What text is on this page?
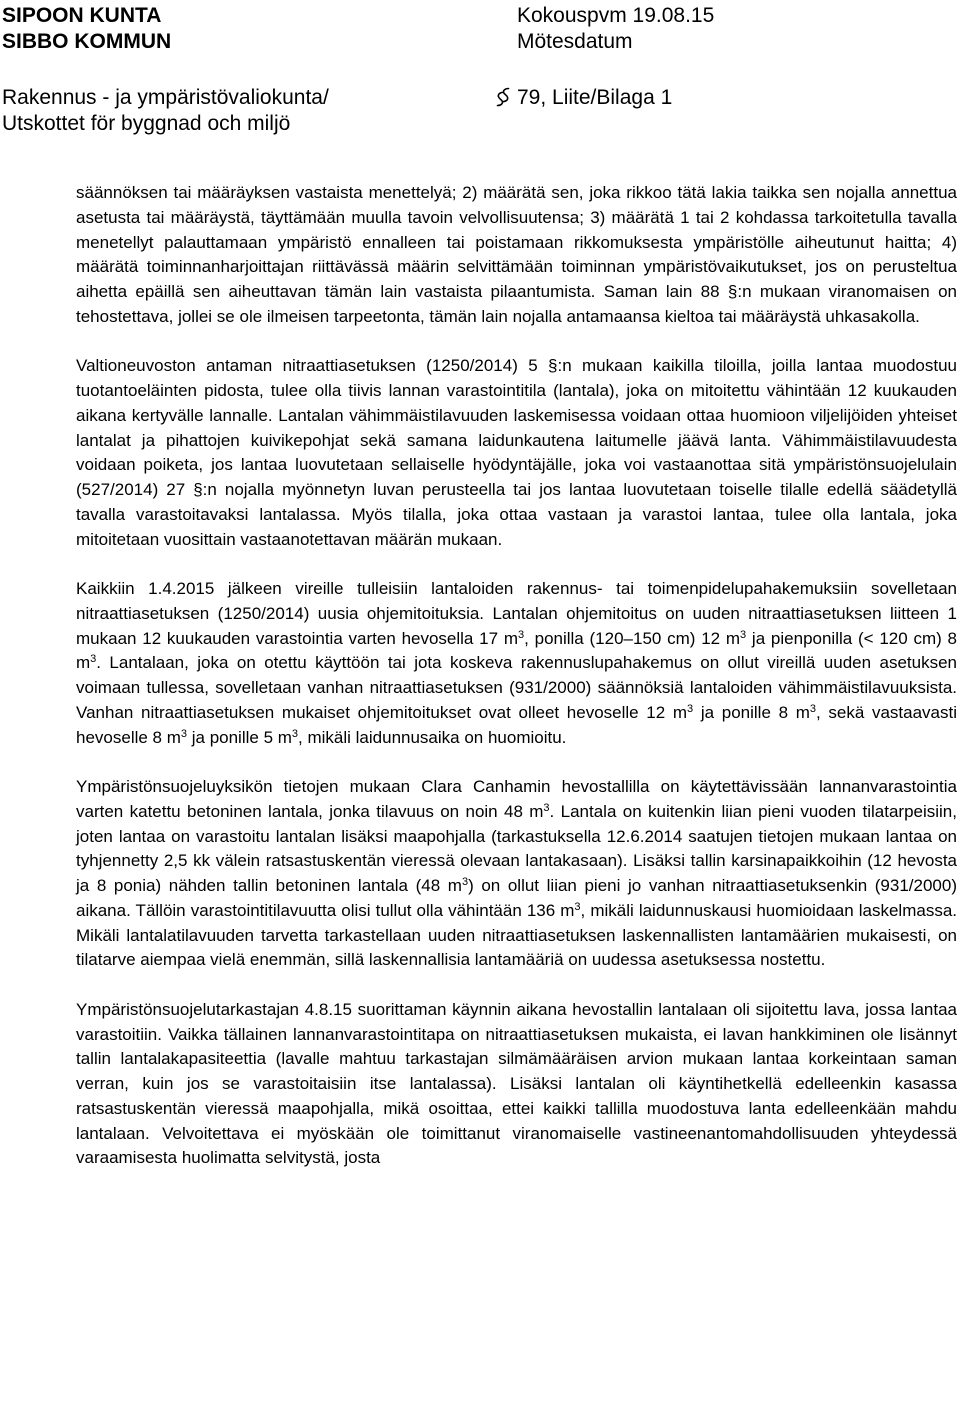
SIPOON KUNTA
SIBBO KOMMUN
Kokouspvm 19.08.15
Mötesdatum
Rakennus - ja ympäristövaliokunta/
Utskottet för byggnad och miljö
79, Liite/Bilaga 1

säännöksen tai määräyksen vastaista menettelyä; 2) määrätä sen, joka rikkoo tätä lakia taikka sen nojalla annettua asetusta tai määräystä, täyttämään muulla tavoin velvollisuutensa; 3) määrätä 1 tai 2 kohdassa tarkoitetulla tavalla menetellyt palauttamaan ympäristö ennalleen tai poistamaan rikkomuksesta ympäristölle aiheutunut haitta; 4) määrätä toiminnanharjoittajan riittävässä määrin selvittämään toiminnan ympäristövaikutukset, jos on perusteltua aihetta epäillä sen aiheuttavan tämän lain vastaista pilaantumista. Saman lain 88 §:n mukaan viranomaisen on tehostettava, jollei se ole ilmeisen tarpeetonta, tämän lain nojalla antamaansa kieltoa tai määräystä uhkasakolla.

Valtioneuvoston antaman nitraattiasetuksen (1250/2014) 5 §:n mukaan kaikilla tiloilla, joilla lantaa muodostuu tuotantoeläinten pidosta, tulee olla tiivis lannan varastointitila (lantala), joka on mitoitettu vähintään 12 kuukauden aikana kertyvälle lannalle. Lantalan vähimmäistilavuuden laskemisessa voidaan ottaa huomioon viljelijöiden yhteiset lantalat ja pihattojen kuivikepohjat sekä samana laidunkautena laitumelle jäävä lanta. Vähimmäistilavuudesta voidaan poiketa, jos lantaa luovutetaan sellaiselle hyödyntäjälle, joka voi vastaanottaa sitä ympäristönsuojelulain (527/2014) 27 §:n nojalla myönnetyn luvan perusteella tai jos lantaa luovutetaan toiselle tilalle edellä säädetyllä tavalla varastoitavaksi lantalassa. Myös tilalla, joka ottaa vastaan ja varastoi lantaa, tulee olla lantala, joka mitoitetaan vuosittain vastaanotettavan määrän mukaan.

Kaikkiin 1.4.2015 jälkeen vireille tulleisiin lantaloiden rakennus- tai toimenpidelupahakemuksiin sovelletaan nitraattiasetuksen (1250/2014) uusia ohjemitoituksia. Lantalan ohjemitoitus on uuden nitraattiasetuksen liitteen 1 mukaan 12 kuukauden varastointia varten hevosella 17 $m^3$, ponilla (120–150 cm) 12 $m^3$ ja pienponilla (< 120 cm) 8 $m^3$. Lantalaan, joka on otettu käyttöön tai jota koskeva rakennuslupahakemus on ollut vireillä uuden asetuksen voimaan tullessa, sovelletaan vanhan nitraattiasetuksen (931/2000) säännöksiä lantaloiden vähimmäistilavuuksista. Vanhan nitraattiasetuksen mukaiset ohjemitoitukset ovat olleet hevoselle 12 $m^3$ ja ponille 8 $m^3$, sekä vastaavasti hevoselle 8 $m^3$ ja ponille 5 $m^3$, mikäli laidunnusaika on huomioitu.

Ympäristönsuojeluyksikön tietojen mukaan Clara Canhamin hevostallilla on käytettävissään lannanvarastointia varten katettu betoninen lantala, jonka tilavuus on noin 48 $m^3$. Lantala on kuitenkin liian pieni vuoden tilatarpeisiin, joten lantaa on varastoitu lantalan lisäksi maapohjalla (tarkastuksella 12.6.2014 saatujen tietojen mukaan lantaa on tyhjennetty 2,5 kk välein ratsastuskentän vieressä olevaan lantakasaan). Lisäksi tallin karsinapaikkoihin (12 hevosta ja 8 ponia) nähden tallin betoninen lantala (48 $m^3$) on ollut liian pieni jo vanhan nitraattiasetuksenkin (931/2000) aikana. Tällöin varastointitilavuutta olisi tullut olla vähintään 136 $m^3$, mikäli laidunnuskausi huomioidaan laskelmassa. Mikäli lantalatilavuuden tarvetta tarkastellaan uuden nitraattiasetuksen laskennallisten lantamäärien mukaisesti, on tilatarve aiempaa vielä enemmän, sillä laskennallisia lantamääriä on uudessa asetuksessa nostettu.

Ympäristönsuojelutarkastajan 4.8.15 suorittaman käynnin aikana hevostallin lantalaan oli sijoitettu lava, jossa lantaa varastoitiin. Vaikka tällainen lannanvarastointitapa on nitraattiasetuksen mukaista, ei lavan hankkiminen ole lisännyt tallin lantalakapasiteettia (lavalle mahtuu tarkastajan silmämääräisen arvion mukaan lantaa korkeintaan saman verran, kuin jos se varastoitaisiin itse lantalassa). Lisäksi lantalan oli käyntihetkellä edelleenkin kasassa ratsastuskentän vieressä maapohjalla, mikä osoittaa, ettei kaikki tallilla muodostuva lanta edelleenkään mahdu lantalaan. Velvoitettava ei myöskään ole toimittanut viranomaiselle vastineenantomahdollisuuden yhteydessä varaamisesta huolimatta selvitystä, josta
